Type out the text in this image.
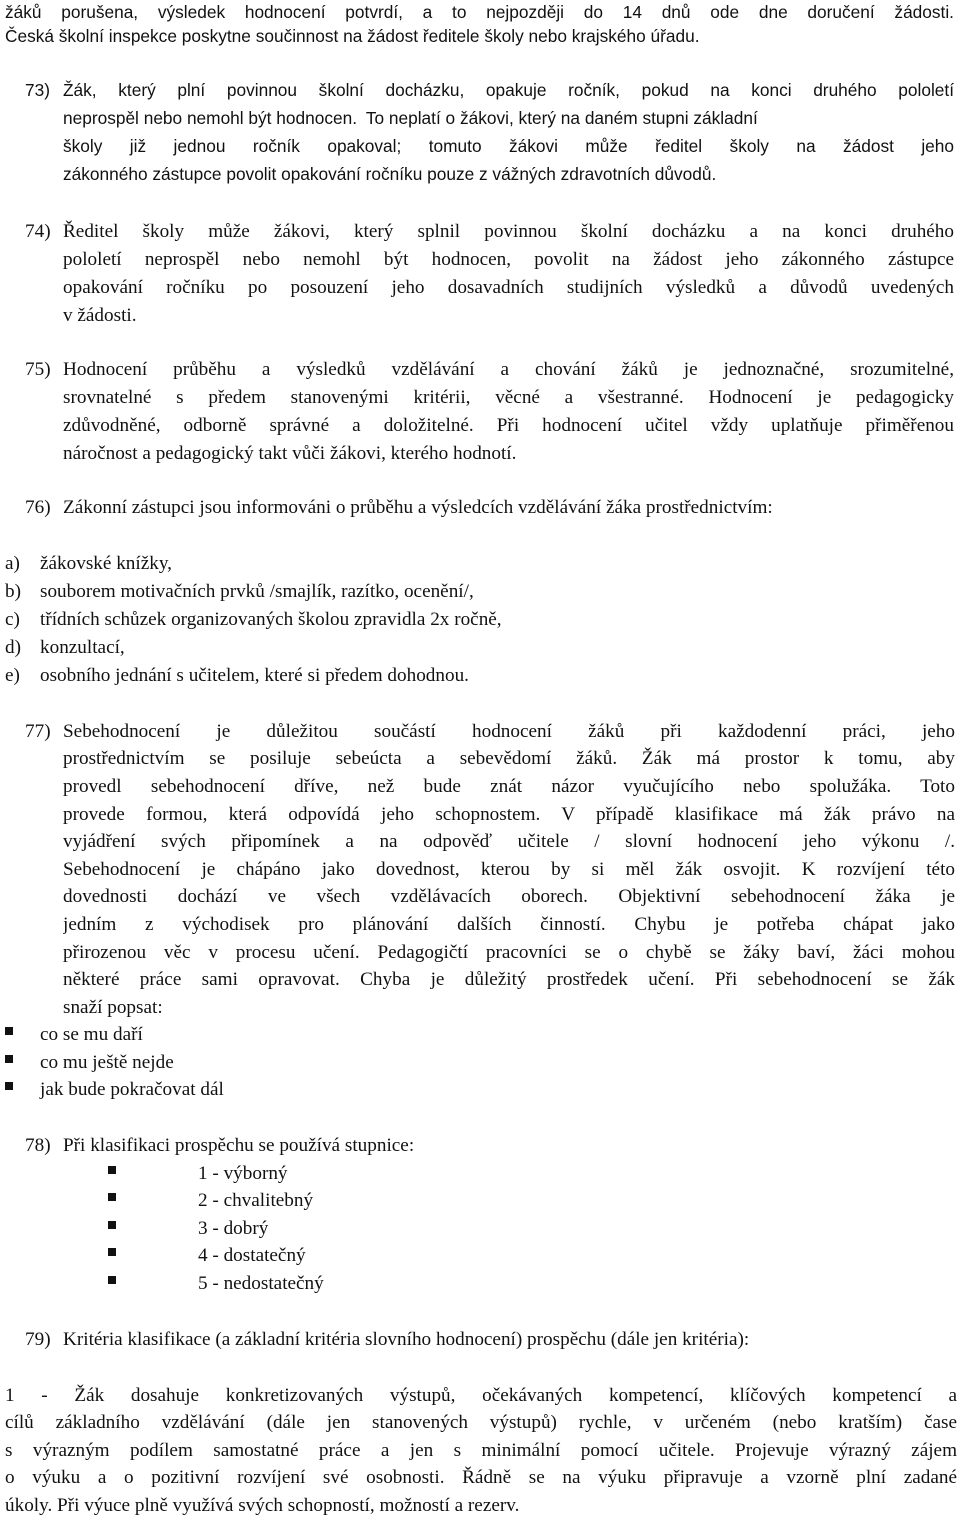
žáků porušena, výsledek hodnocení potvrdí, a to nejpozději do 14 dnů ode dne doručení žádosti.
Česká školní inspekce poskytne součinnost na žádost ředitele školy nebo krajského úřadu.
73) Žák, který plní povinnou školní docházku, opakuje ročník, pokud na konci druhého pololetí
neprospěl nebo nemohl být hodnocen. To neplatí o žákovi, který na daném stupni základní
školy již jednou ročník opakoval; tomuto žákovi může ředitel školy na žádost jeho
zákonného zástupce povolit opakování ročníku pouze z vážných zdravotních důvodů.
74) Ředitel školy může žákovi, který splnil povinnou školní docházku a na konci druhého
pololetí neprospěl nebo nemohl být hodnocen, povolit na žádost jeho zákonného zástupce
opakování ročníku po posouzení jeho dosavadních studijních výsledků a důvodů uvedených
v žádosti.
75) Hodnocení průběhu a výsledků vzdělávání a chování žáků je jednoznačné, srozumitelné,
srovnatelné s předem stanovenými kritérii, věcné a všestranné. Hodnocení je pedagogicky
zdůvodněné, odborně správné a doložitelné. Při hodnocení učitel vždy uplatňuje přiměřenou
náročnost a pedagogický takt vůči žákovi, kterého hodnotí.
76) Zákonní zástupci jsou informováni o průběhu a výsledcích vzdělávání žáka prostřednictvím:
a) žákovské knížky,
b) souborem motivačních prvků /smajlík, razítko, ocenění/,
c) třídních schůzek organizovaných školou zpravidla 2x ročně,
d) konzultací,
e) osobního jednání s učitelem, které si předem dohodnou.
77) Sebehodnocení je důležitou součástí hodnocení žáků při každodenní práci, jeho
prostřednictvím se posiluje sebeúcta a sebevědomí žáků. Žák má prostor k tomu, aby
provedl sebehodnocení dříve, než bude znát názor vyučujícího nebo spolužáka. Toto
provede formou, která odpovídá jeho schopnostem. V případě klasifikace má žák právo na
vyjádření svých připomínek a na odpověď učitele / slovní hodnocení jeho výkonu /.
Sebehodnocení je chápáno jako dovednost, kterou by si měl žák osvojit. K rozvíjení této
dovednosti dochází ve všech vzdělávacích oborech. Objektivní sebehodnocení žáka je
jedním z východisek pro plánování dalších činností. Chybu je potřeba chápat jako
přirozenou věc v procesu učení. Pedagogičtí pracovníci se o chybě se žáky baví, žáci mohou
některé práce sami opravovat. Chyba je důležitý prostředek učení. Při sebehodnocení se žák
snaží popsat:
co se mu daří
co mu ještě nejde
jak bude pokračovat dál
78) Při klasifikaci prospěchu se používá stupnice:
1 - výborný
2 - chvalitebný
3 - dobrý
4 - dostatečný
5 - nedostatečný
79) Kritéria klasifikace (a základní kritéria slovního hodnocení) prospěchu (dále jen kritéria):
1 - Žák dosahuje konkretizovaných výstupů, očekávaných kompetencí, klíčových kompetencí a
cílů základního vzdělávání (dále jen stanovených výstupů) rychle, v určeném (nebo kratším) čase
s výrazným podílem samostatné práce a jen s minimální pomocí učitele. Projevuje výrazný zájem
o výuku a o pozitivní rozvíjení své osobnosti. Řádně se na výuku připravuje a vzorně plní zadané
úkoly. Při výuce plně využívá svých schopností, možností a rezerv.
